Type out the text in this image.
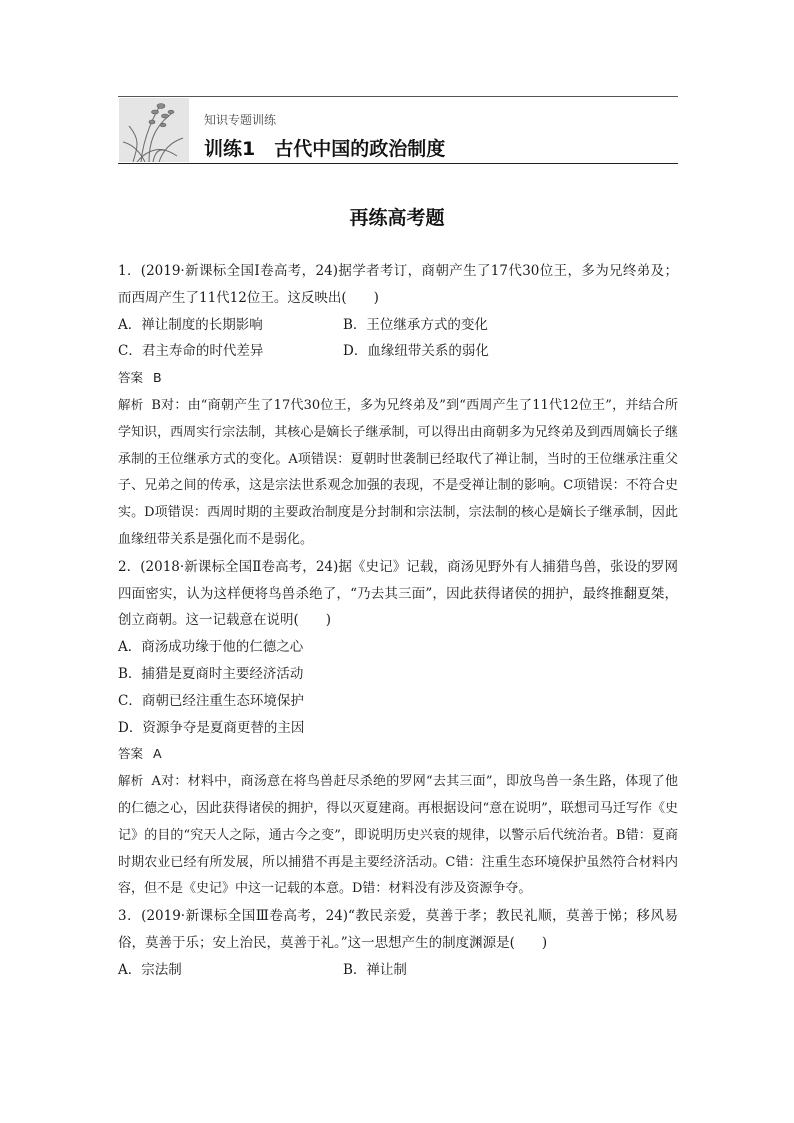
知识专题训练
训练1　古代中国的政治制度
再练高考题

1．(2019·新课标全国Ⅰ卷高考，24)据学者考订，商朝产生了17代30位王，多为兄终弟及；而西周产生了11代12位王。这反映出(　　)

A．禅让制度的长期影响	B．王位继承方式的变化
C．君主寿命的时代差异	D．血缘纽带关系的弱化

答案 B

解析 B对：由“商朝产生了17代30位王，多为兄终弟及”到“西周产生了11代12位王”，并结合所学知识，西周实行宗法制，其核心是嫡长子继承制，可以得出由商朝多为兄终弟及到西周嫡长子继承制的王位继承方式的变化。A项错误：夏朝时世袭制已经取代了禅让制，当时的王位继承注重父子、兄弟之间的传承，这是宗法世系观念加强的表现，不是受禅让制的影响。C项错误：不符合史实。D项错误：西周时期的主要政治制度是分封制和宗法制，宗法制的核心是嫡长子继承制，因此血缘纽带关系是强化而不是弱化。

2．(2018·新课标全国Ⅱ卷高考，24)据《史记》记载，商汤见野外有人捕猎鸟兽，张设的罗网四面密实，认为这样便将鸟兽杀绝了，“乃去其三面”，因此获得诸侯的拥护，最终推翻夏桀，创立商朝。这一记载意在说明(　　)

A．商汤成功缘于他的仁德之心

B．捕猎是夏商时主要经济活动

C．商朝已经注重生态环境保护

D．资源争夺是夏商更替的主因

答案 A

解析 A对：材料中，商汤意在将鸟兽赶尽杀绝的罗网“去其三面”，即放鸟兽一条生路，体现了他的仁德之心，因此获得诸侯的拥护，得以灭夏建商。再根据设问“意在说明”，联想司马迁写作《史记》的目的“究天人之际，通古今之变”，即说明历史兴衰的规律，以警示后代统治者。B错：夏商时期农业已经有所发展，所以捕猎不再是主要经济活动。C错：注重生态环境保护虽然符合材料内容，但不是《史记》中这一记载的本意。D错：材料没有涉及资源争夺。

3．(2019·新课标全国Ⅲ卷高考，24)“教民亲爱，莫善于孝；教民礼顺，莫善于悌；移风易俗，莫善于乐；安上治民，莫善于礼。”这一思想产生的制度渊源是(　　)

A．宗法制	B．禅让制
